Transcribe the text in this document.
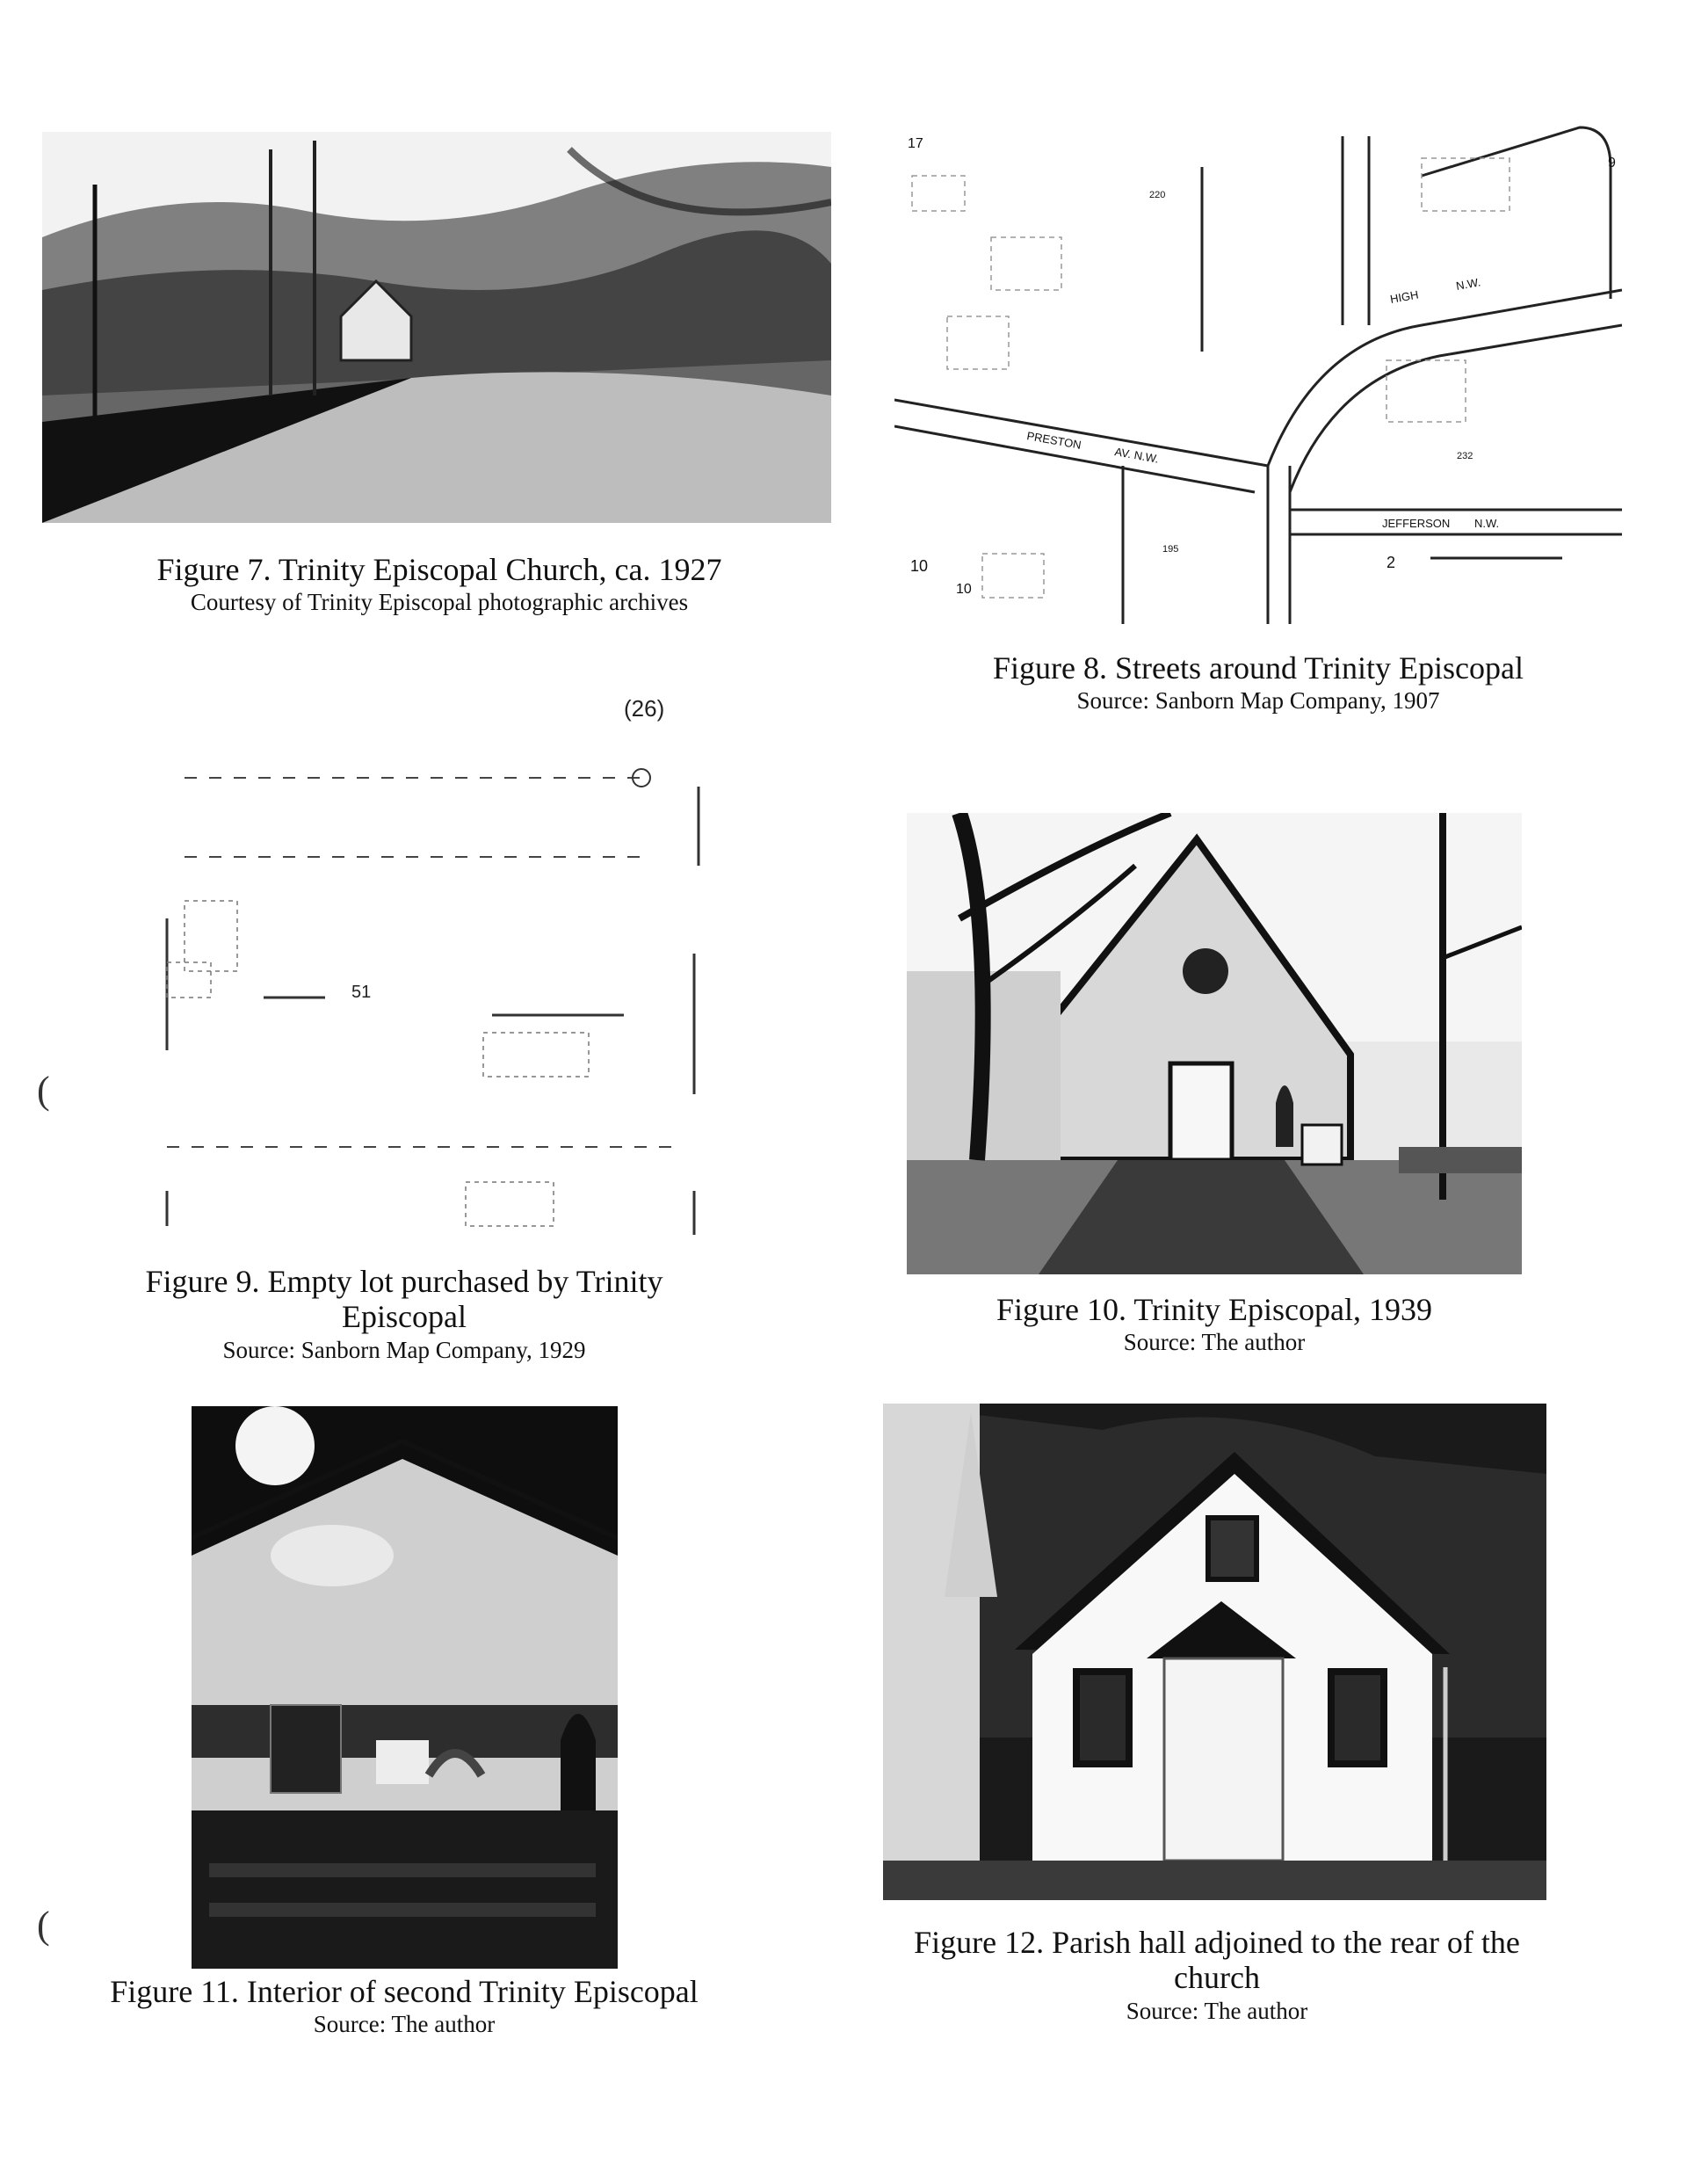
Figure 7. Trinity Episcopal Church, ca. 1927
Courtesy of Trinity Episcopal photographic archives
HIGH
N.W.
PRESTON
AV. N.W.
JEFFERSON N.W.
220
232
195
2
17
10
10
9
Figure 8. Streets around Trinity Episcopal
Source: Sanborn Map Company, 1907
(26)
51
Figure 9. Empty lot purchased by Trinity Episcopal
Source: Sanborn Map Company, 1929
Figure 10. Trinity Episcopal, 1939
Source: The author
Figure 11. Interior of second Trinity Episcopal
Source: The author
Figure 12. Parish hall adjoined to the rear of the church
Source: The author
(
(
